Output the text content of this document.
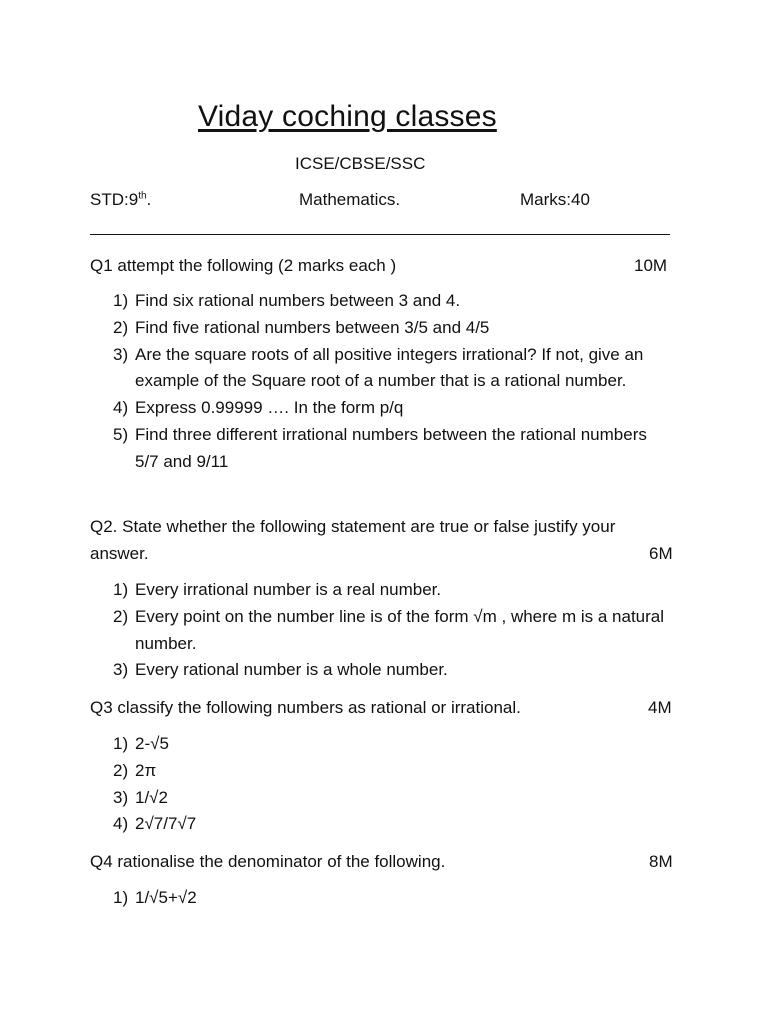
Viday coching classes
ICSE/CBSE/SSC
STD:9th.	Mathematics.	Marks:40
Q1 attempt the following (2 marks each )	10M
1) Find six rational numbers between 3 and 4.
2) Find five rational numbers between 3/5 and 4/5
3) Are the square roots of all positive integers irrational? If not, give an example of the Square root of a number that is a rational number.
4) Express 0.99999 …. In the form p/q
5) Find three different irrational numbers between the rational numbers 5/7 and 9/11
Q2. State whether the following statement are true or false justify your
answer.	6M
1) Every irrational number is a real number.
2) Every point on the number line is of the form √m , where m is a natural number.
3) Every rational number is a whole number.
Q3 classify the following numbers as rational or irrational.	4M
1) 2-√5
2) 2π
3) 1/√2
4) 2√7/7√7
Q4 rationalise the denominator of the following.	8M
1) 1/√5+√2
